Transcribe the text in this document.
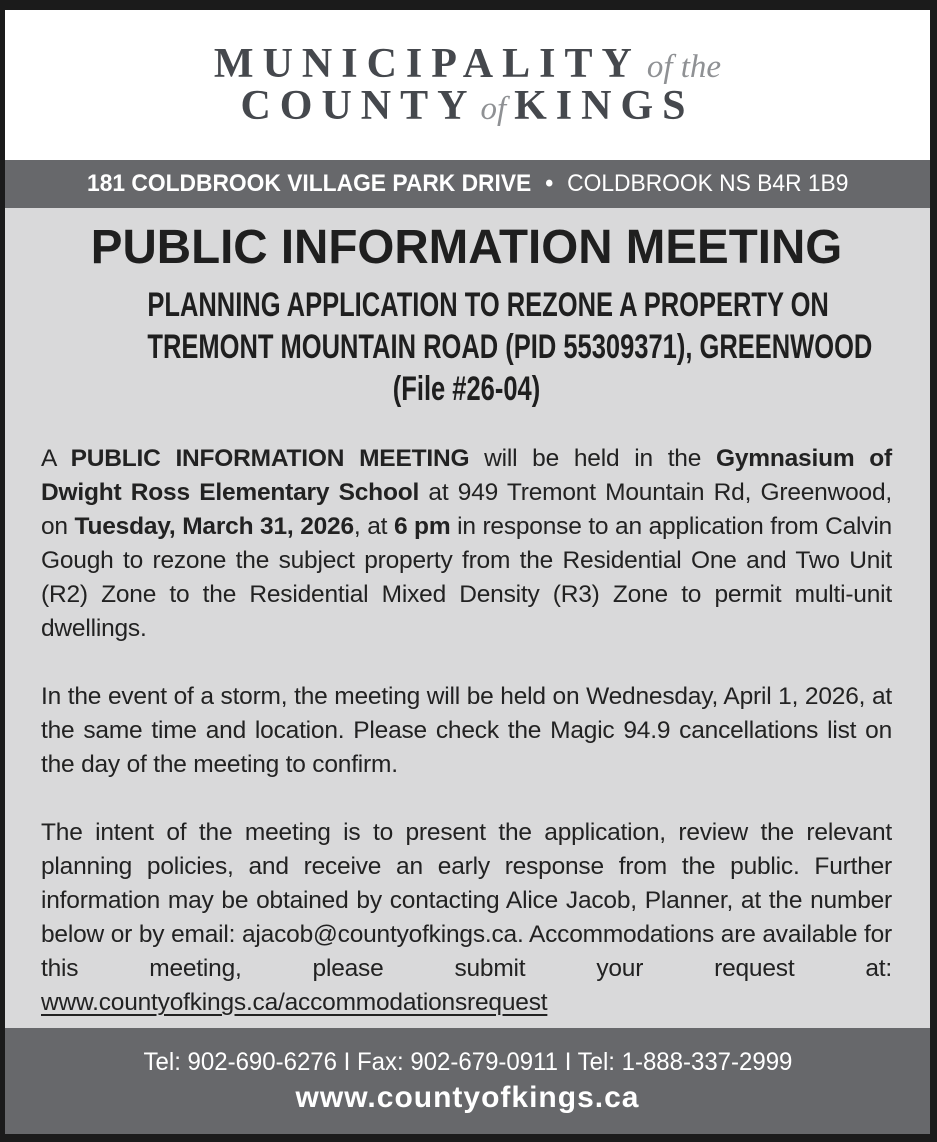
MUNICIPALITY of the
COUNTY of KINGS
181 COLDBROOK VILLAGE PARK DRIVE • COLDBROOK NS B4R 1B9
PUBLIC INFORMATION MEETING
PLANNING APPLICATION TO REZONE A PROPERTY ON
TREMONT MOUNTAIN ROAD (PID 55309371), GREENWOOD
(File #26-04)

A PUBLIC INFORMATION MEETING will be held in the Gymnasium of Dwight Ross Elementary School at 949 Tremont Mountain Rd, Greenwood, on Tuesday, March 31, 2026, at 6 pm in response to an application from Calvin Gough to rezone the subject property from the Residential One and Two Unit (R2) Zone to the Residential Mixed Density (R3) Zone to permit multi-unit dwellings.

In the event of a storm, the meeting will be held on Wednesday, April 1, 2026, at the same time and location. Please check the Magic 94.9 cancellations list on the day of the meeting to confirm.

The intent of the meeting is to present the application, review the relevant planning policies, and receive an early response from the public. Further information may be obtained by contacting Alice Jacob, Planner, at the number below or by email: ajacob@countyofkings.ca. Accommodations are available for this meeting, please submit your request at: www.countyofkings.ca/accommodationsrequest

Tel: 902-690-6276 I Fax: 902-679-0911 I Tel: 1-888-337-2999
www.countyofkings.ca
